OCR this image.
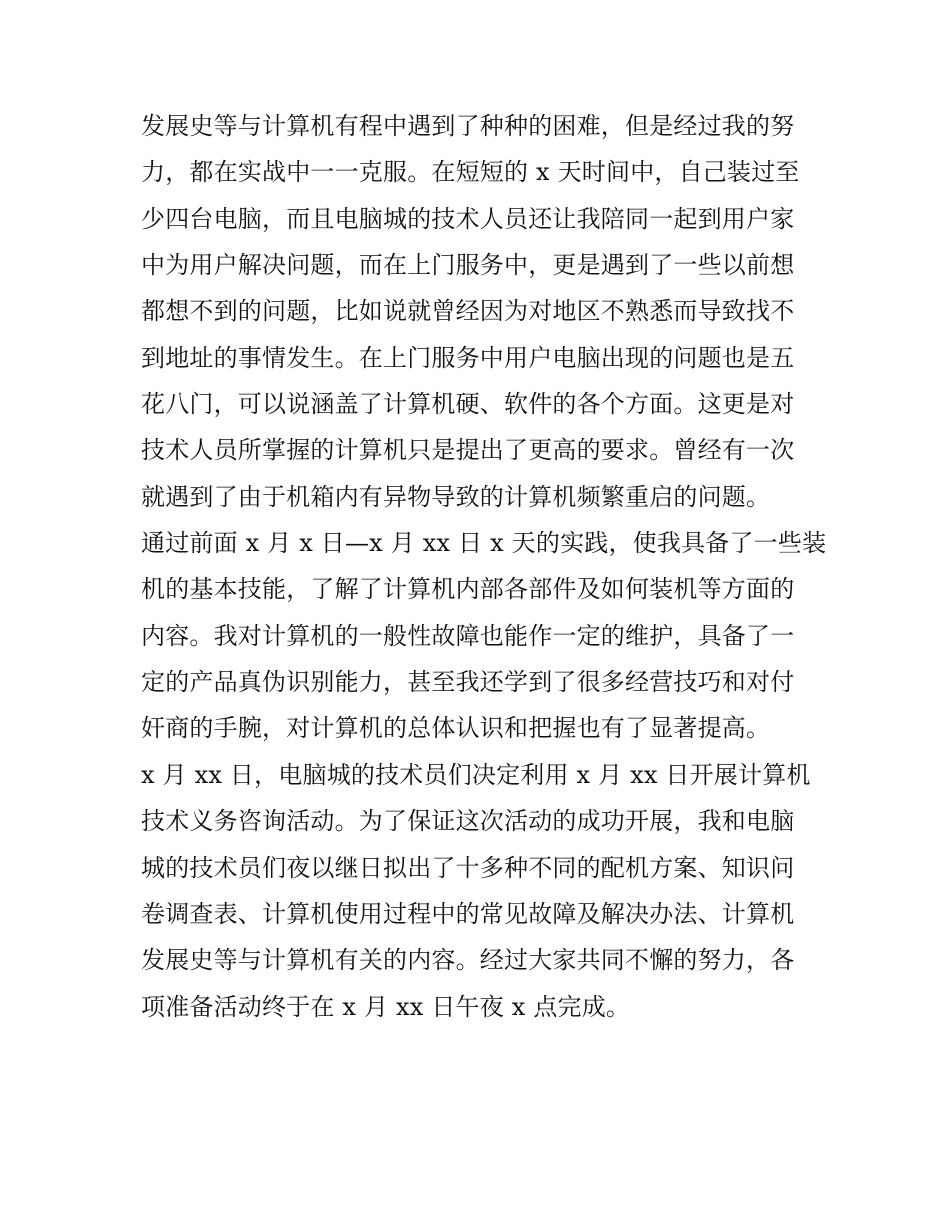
发展史等与计算机有程中遇到了种种的困难，但是经过我的努
力，都在实战中一一克服。在短短的 x 天时间中，自己装过至
少四台电脑，而且电脑城的技术人员还让我陪同一起到用户家
中为用户解决问题，而在上门服务中，更是遇到了一些以前想
都想不到的问题，比如说就曾经因为对地区不熟悉而导致找不
到地址的事情发生。在上门服务中用户电脑出现的问题也是五
花八门，可以说涵盖了计算机硬、软件的各个方面。这更是对
技术人员所掌握的计算机只是提出了更高的要求。曾经有一次
就遇到了由于机箱内有异物导致的计算机频繁重启的问题。
通过前面 x 月 x 日—x 月 xx 日 x 天的实践，使我具备了一些装
机的基本技能，了解了计算机内部各部件及如何装机等方面的
内容。我对计算机的一般性故障也能作一定的维护，具备了一
定的产品真伪识别能力，甚至我还学到了很多经营技巧和对付
奸商的手腕，对计算机的总体认识和把握也有了显著提高。
x 月 xx 日，电脑城的技术员们决定利用 x 月 xx 日开展计算机
技术义务咨询活动。为了保证这次活动的成功开展，我和电脑
城的技术员们夜以继日拟出了十多种不同的配机方案、知识问
卷调查表、计算机使用过程中的常见故障及解决办法、计算机
发展史等与计算机有关的内容。经过大家共同不懈的努力，各
项准备活动终于在 x 月 xx 日午夜 x 点完成。
